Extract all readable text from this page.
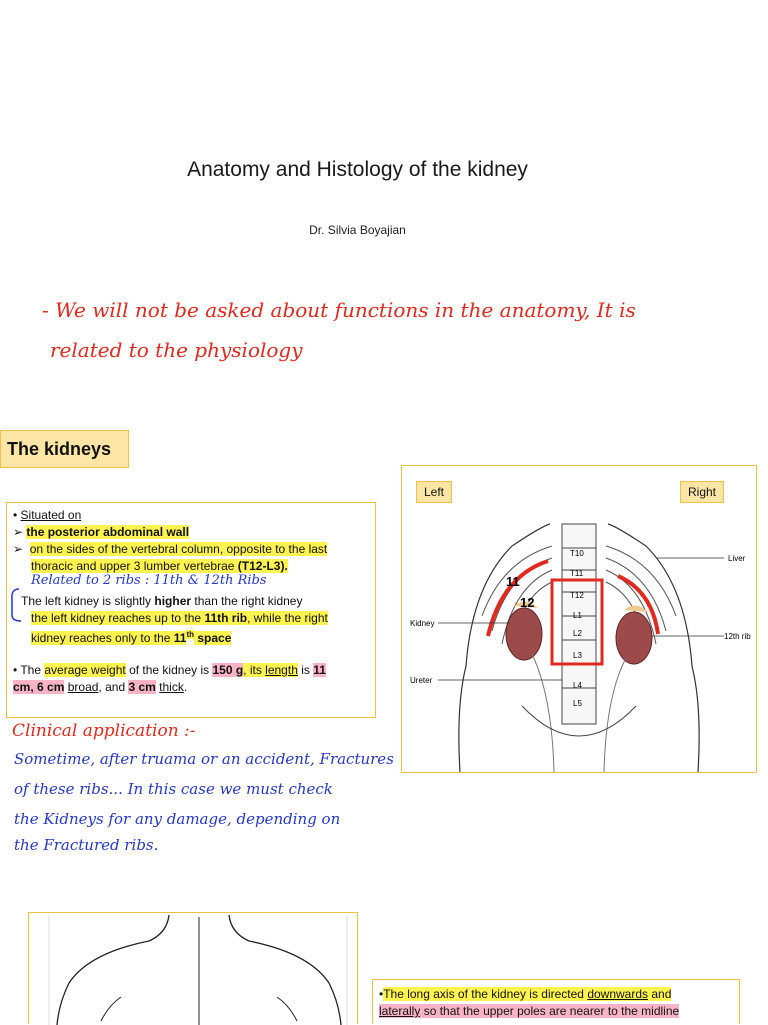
Anatomy and Histology of the kidney
Dr. Silvia Boyajian
- We will not be asked about functions in the anatomy, It is
related to the physiology
The kidneys
• Situated on
➢ the posterior abdominal wall
➢  on the sides of the vertebral column, opposite to the last
thoracic and upper 3 lumber vertebrae (T12-L3).
Related to 2 ribs : 11th & 12th Ribs
The left kidney is slightly higher than the right kidney
the left kidney reaches up to the 11th rib, while the right
kidney reaches only to the 11th space
• The average weight of the kidney is 150 g, its length is 11
cm, 6 cm broad, and 3 cm thick.
Left	Right
Kidney
Ureter
Liver
12th rib
11
12
T10
T11
T12
L1
L2
L3
L4
L5
Clinical application :-
Sometime, after truama or an accident, Fractures
of these ribs... In this case we must check
the Kidneys for any damage, depending on
the Fractured ribs.
•The long axis of the kidney is directed downwards and
laterally so that the upper poles are nearer to the midline
